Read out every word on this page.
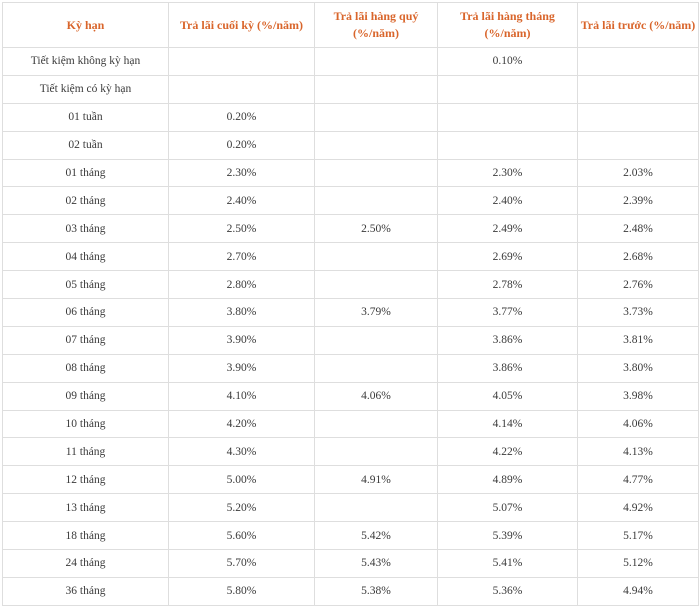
Kỳ hạn	Trả lãi cuối kỳ (%/năm)	Trả lãi hàng quý (%/năm)	Trả lãi hàng tháng (%/năm)	Trả lãi trước (%/năm)
Tiết kiệm không kỳ hạn			0.10%	
Tiết kiệm có kỳ hạn				
01 tuần	0.20%			
02 tuần	0.20%			
01 tháng	2.30%		2.30%	2.03%
02 tháng	2.40%		2.40%	2.39%
03 tháng	2.50%	2.50%	2.49%	2.48%
04 tháng	2.70%		2.69%	2.68%
05 tháng	2.80%		2.78%	2.76%
06 tháng	3.80%	3.79%	3.77%	3.73%
07 tháng	3.90%		3.86%	3.81%
08 tháng	3.90%		3.86%	3.80%
09 tháng	4.10%	4.06%	4.05%	3.98%
10 tháng	4.20%		4.14%	4.06%
11 tháng	4.30%		4.22%	4.13%
12 tháng	5.00%	4.91%	4.89%	4.77%
13 tháng	5.20%		5.07%	4.92%
18 tháng	5.60%	5.42%	5.39%	5.17%
24 tháng	5.70%	5.43%	5.41%	5.12%
36 tháng	5.80%	5.38%	5.36%	4.94%
